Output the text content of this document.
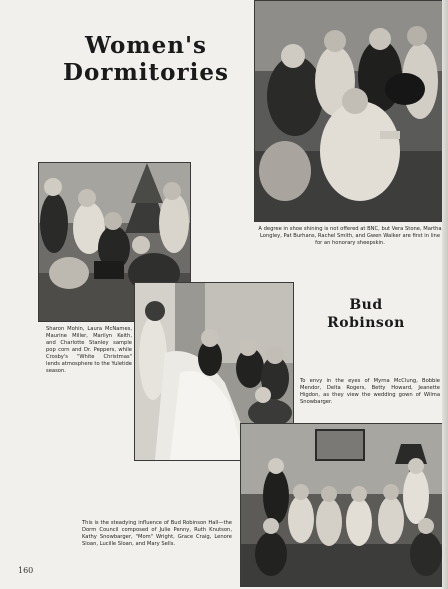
Women's
Dormitories
A degree in shoe shining is not offered at BNC, but Vera Stone, Martha Longley, Pat Burhans, Rachel Smith, and Gwen Walker are first in line for an honorary sheepskin.
Sharon Mohin, Laura McNames, Maurine Miller, Marilyn Keith, and Charlotte Stanley sample pop corn and Dr. Peppers, while Crosby's "White Christmas" lends atmosphere to the Yuletide season.
Bud
Robinson
To envy in the eyes of Myrna McClung, Bobbie Mendor, Delta Rogers, Betty Howard, Jeanette Higdon, as they view the wedding gown of Wilma Snowbarger.
This is the steadying influence of Bud Robinson Hall—the Dorm Council composed of Julie Penny, Ruth Knutson, Kathy Snowbarger, "Mom" Wright, Grace Craig, Lenore Sloan, Lucille Sloan, and Mary Sells.
160
